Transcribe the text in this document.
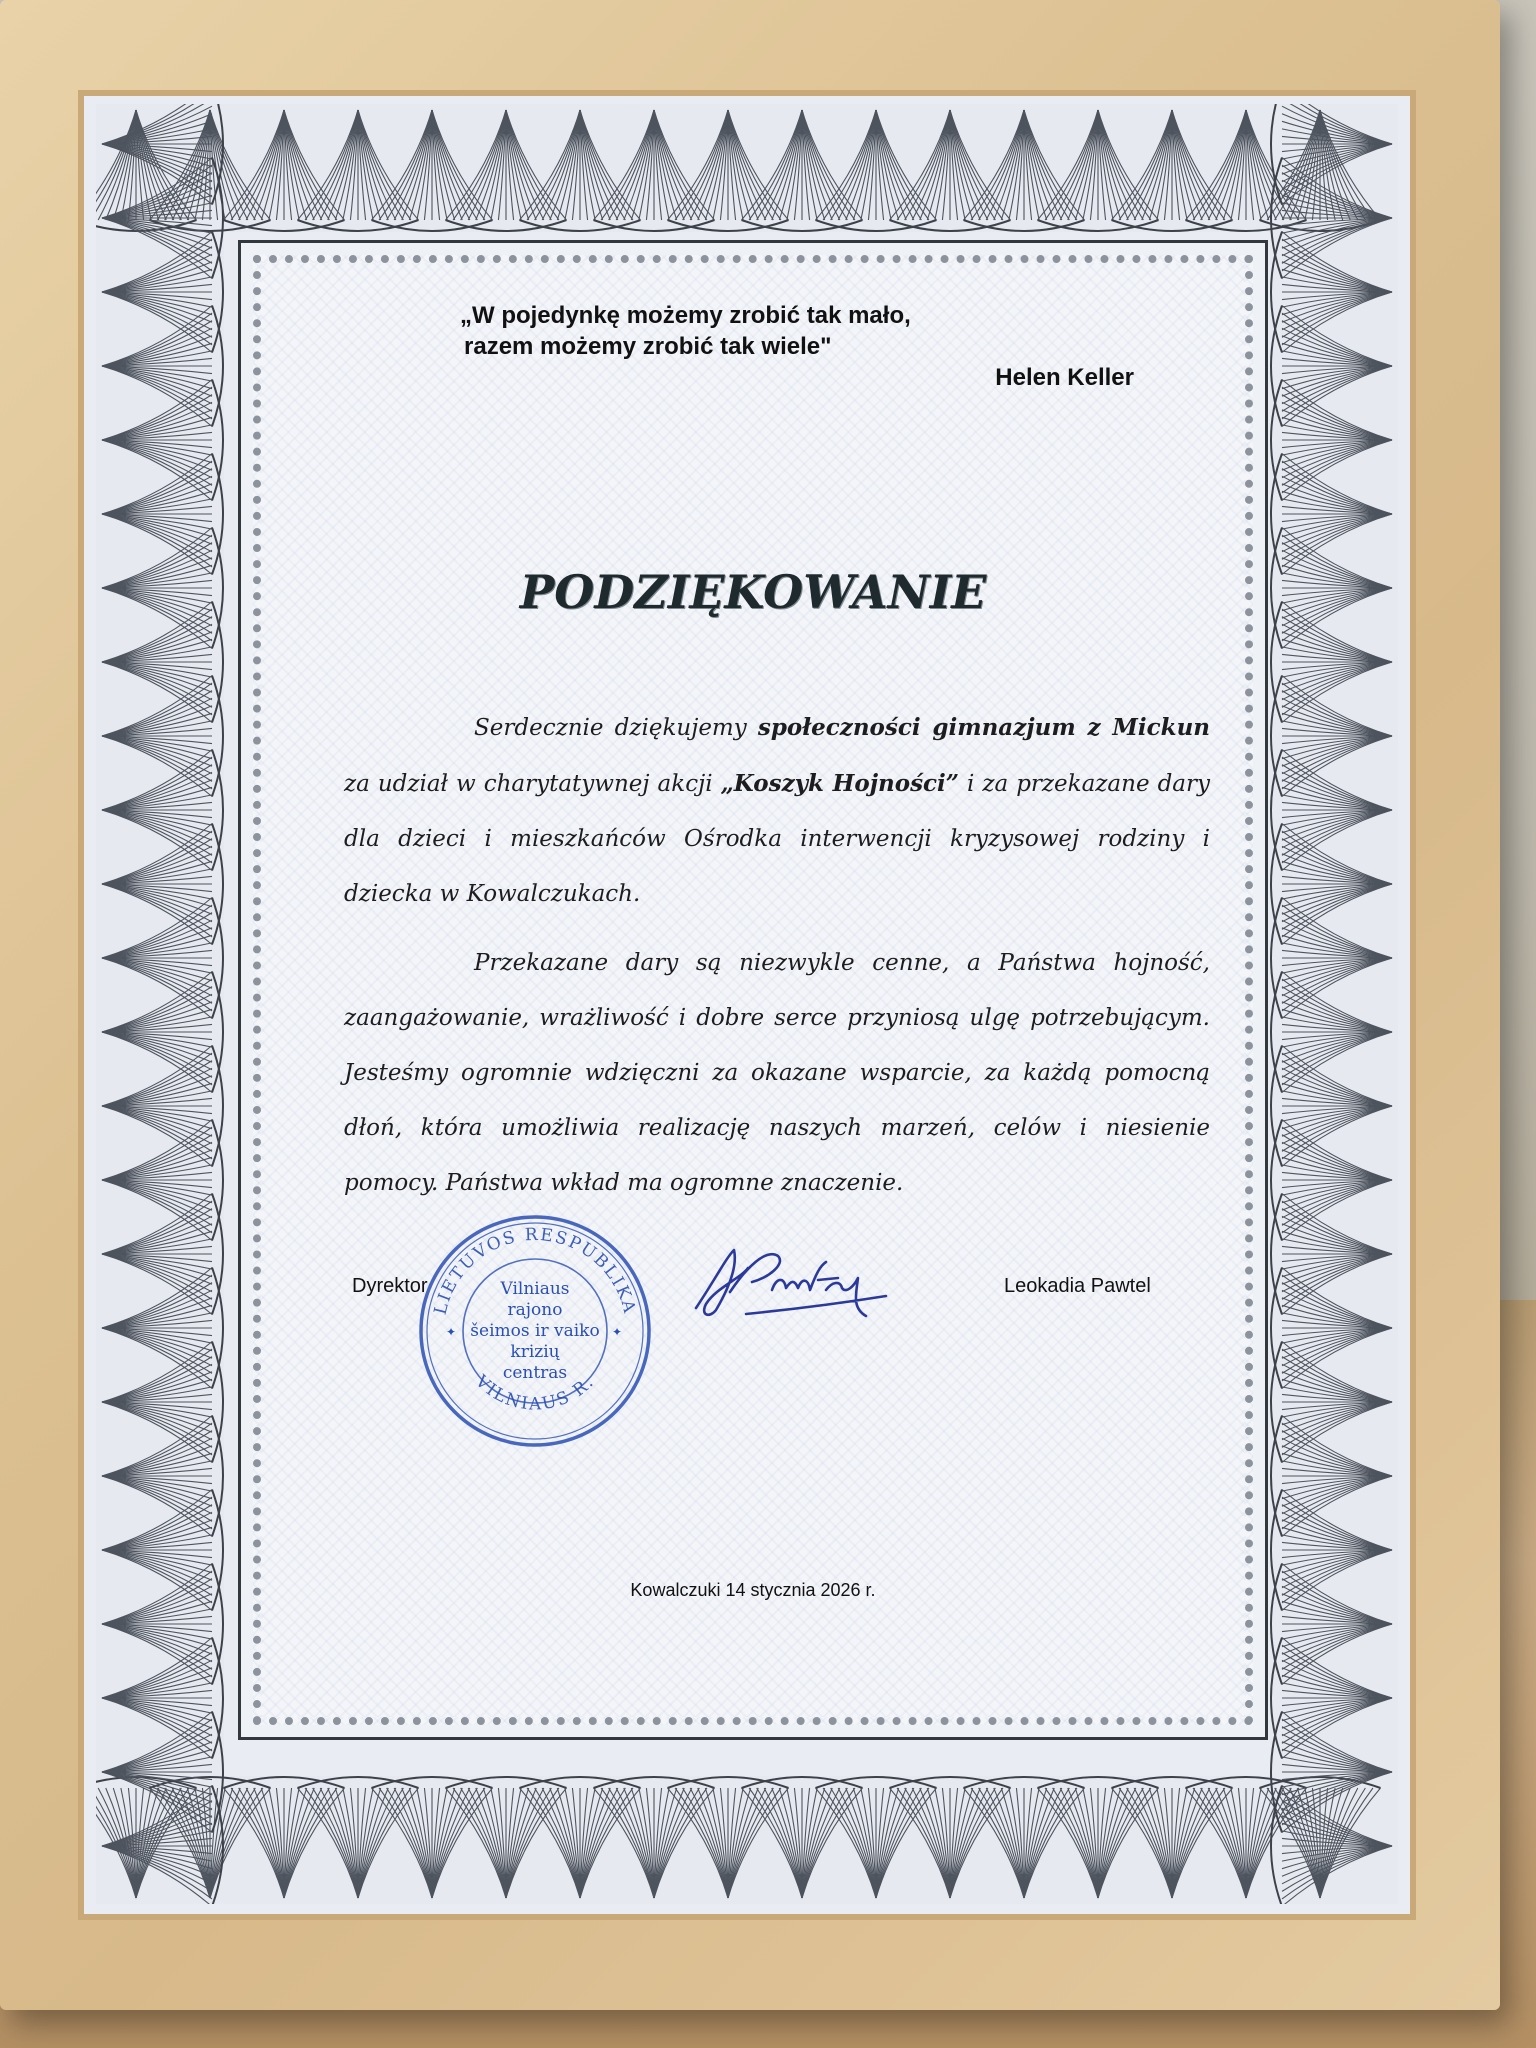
„W pojedynkę możemy zrobić tak mało,
razem możemy zrobić tak wiele"
Helen Keller
PODZIĘKOWANIE

Serdecznie dziękujemy społeczności gimnazjum z Mickun za udział w charytatywnej akcji „Koszyk Hojności” i za przekazane dary dla dzieci i mieszkańców Ośrodka interwencji kryzysowej rodziny i dziecka w Kowalczukach.

Przekazane dary są niezwykle cenne, a Państwa hojność, zaangażowanie, wrażliwość i dobre serce przyniosą ulgę potrzebującym. Jesteśmy ogromnie wdzięczni za okazane wsparcie, za każdą pomocną dłoń, która umożliwia realizację naszych marzeń, celów i niesienie pomocy. Państwa wkład ma ogromne znaczenie.

Dyrektor	Leokadia Pawtel
LIETUVOS RESPUBLIKA
VILNIAUS R.
✦	✦
Vilniaus
rajono
šeimos ir vaiko
krizių
centras
Kowalczuki 14 stycznia 2026 r.
